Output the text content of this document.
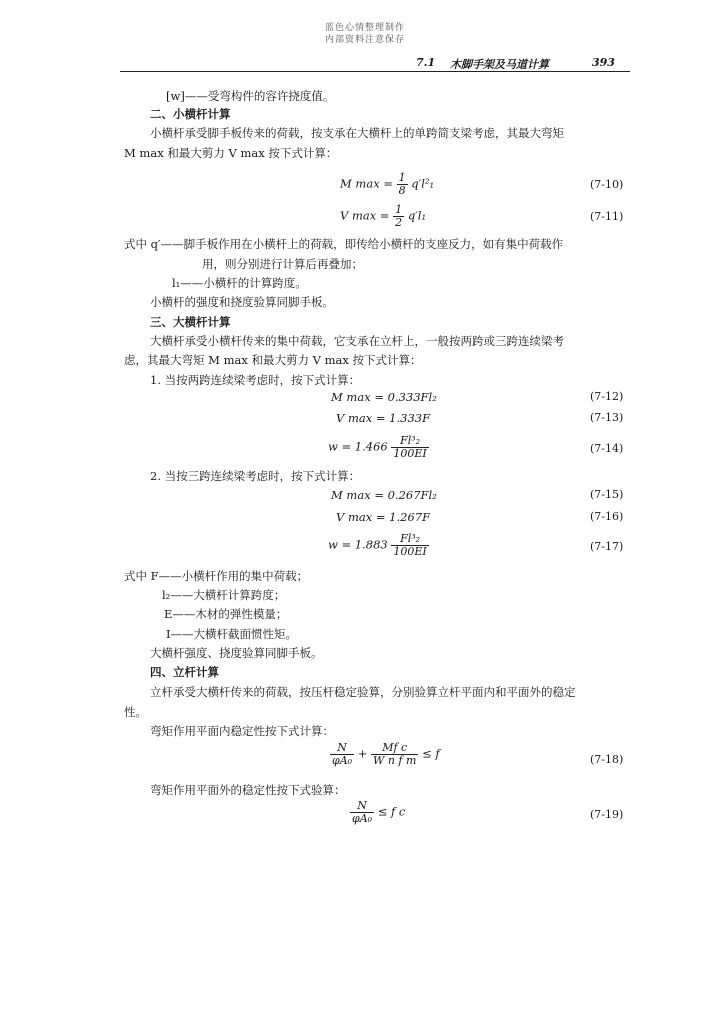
蓝色心情整理制作
内部资料注意保存
7.1 木脚手架及马道计算	393
[w]——受弯构件的容许挠度值。
二、小横杆计算
小横杆承受脚手板传来的荷载，按支承在大横杆上的单跨简支梁考虑，其最大弯矩
M max 和最大剪力 V max 按下式计算：
M $\max = \frac{1}{8} q'l^2_1$	(7-10)
V $\max = \frac{1}{2} q'l_1$	(7-11)
式中 q′——脚手板作用在小横杆上的荷载，即传给小横杆的支座反力，如有集中荷载作
用，则分别进行计算后再叠加；
l₁——小横杆的计算跨度。
小横杆的强度和挠度验算同脚手板。
三、大横杆计算
大横杆承受小横杆传来的集中荷载，它支承在立杆上，一般按两跨或三跨连续梁考
虑，其最大弯矩 M max 和最大剪力 V max 按下式计算：
1. 当按两跨连续梁考虑时，按下式计算：
M max = 0.333Fl₂	(7-12)
V max = 1.333F	(7-13)
$w = 1.466 \frac{\text{Fl³₂}}{100EI}$	(7-14)
2. 当按三跨连续梁考虑时，按下式计算：
M max = 0.267Fl₂	(7-15)
V max = 1.267F	(7-16)
$w = 1.883 \frac{\text{Fl³₂}}{100EI}$	(7-17)
式中 F——小横杆作用的集中荷载；
l₂——大横杆计算跨度；
E——木材的弹性模量；
I——大横杆截面惯性矩。
大横杆强度、挠度验算同脚手板。
四、立杆计算
立杆承受大横杆传来的荷载，按压杆稳定验算，分别验算立杆平面内和平面外的稳定
性。
弯矩作用平面内稳定性按下式计算：
$\frac{N}{\text{φA₀}} + \frac{\text{Mf c}}{\text{W n f m}} \le f$	(7-18)
弯矩作用平面外的稳定性按下式验算：
$\frac{N}{\text{φA₀}} \le f$ c	(7-19)
